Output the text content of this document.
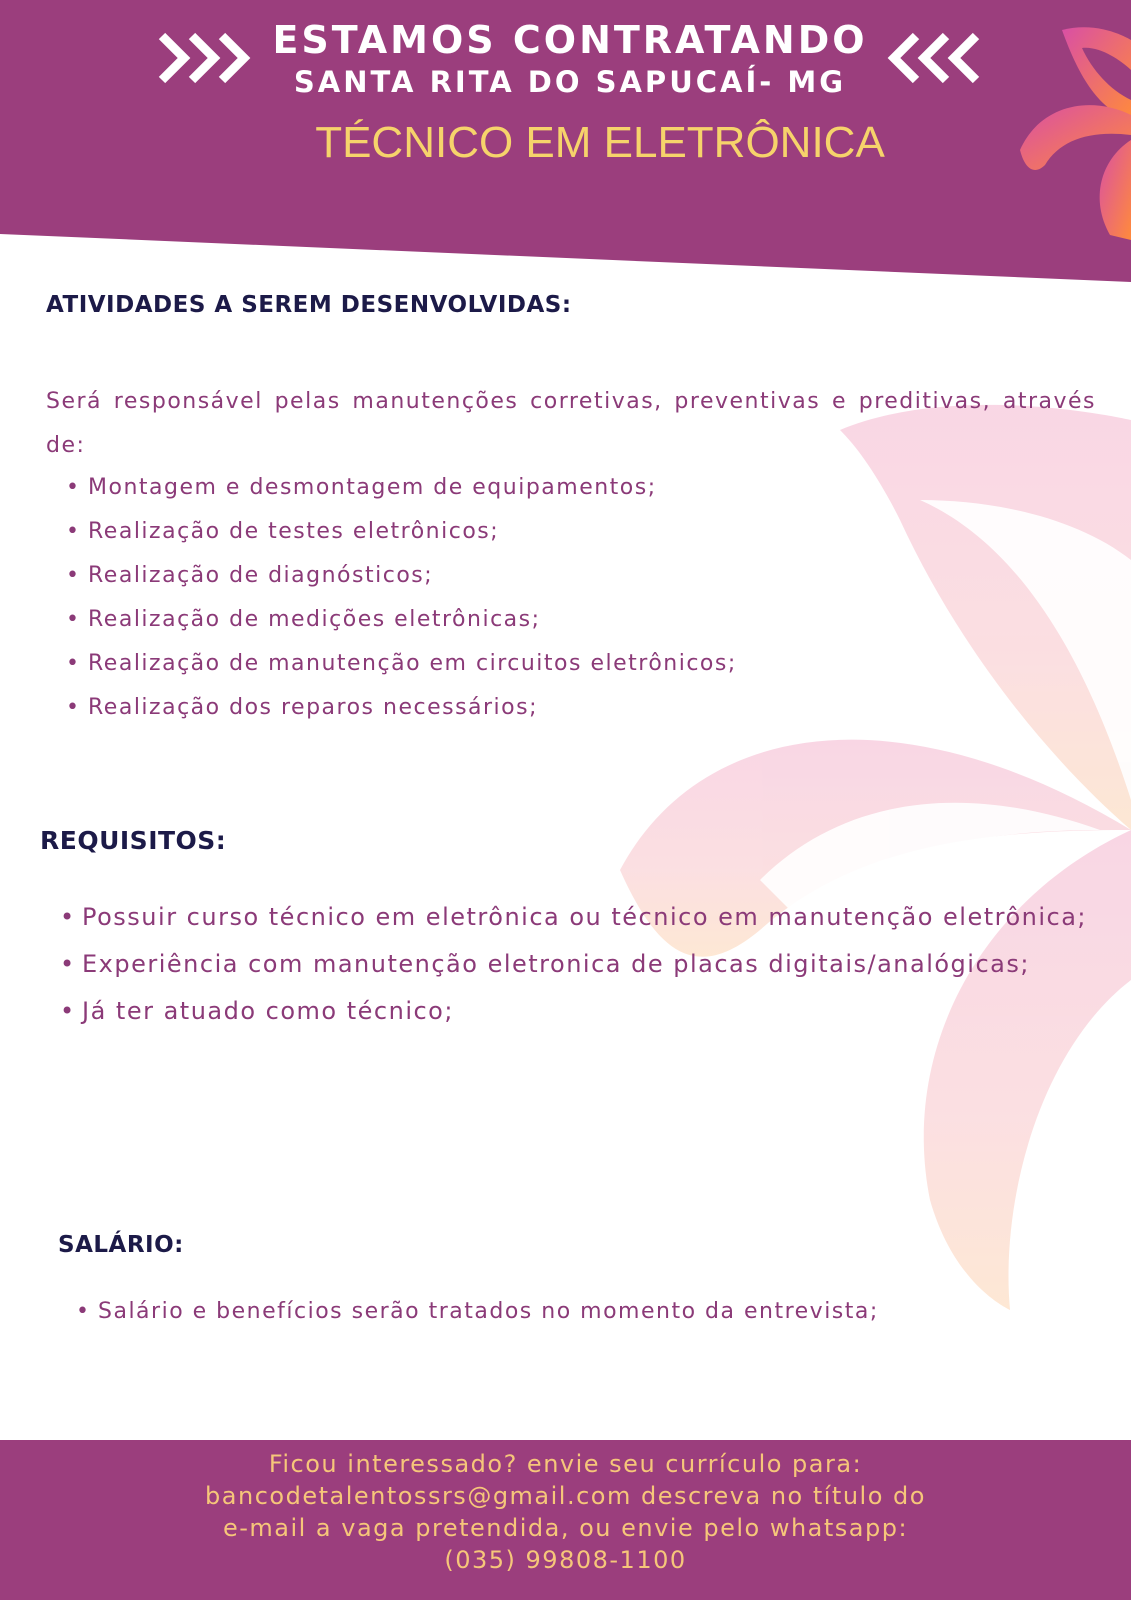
ESTAMOS CONTRATANDO
SANTA RITA DO SAPUCAÍ- MG
TÉCNICO EM ELETRÔNICA
ATIVIDADES A SEREM DESENVOLVIDAS:

Será responsável pelas manutenções corretivas, preventivas e preditivas, através de:

• Montagem e desmontagem de equipamentos;
• Realização de testes eletrônicos;
• Realização de diagnósticos;
• Realização de medições eletrônicas;
• Realização de manutenção em circuitos eletrônicos;
• Realização dos reparos necessários;
REQUISITOS:
• Possuir curso técnico em eletrônica ou técnico em manutenção eletrônica;
• Experiência com manutenção eletronica de placas digitais/analógicas;
• Já ter atuado como técnico;
SALÁRIO:
• Salário e benefícios serão tratados no momento da entrevista;
Ficou interessado? envie seu currículo para:
bancodetalentossrs@gmail.com descreva no título do
e-mail a vaga pretendida, ou envie pelo whatsapp:
(035) 99808-1100
